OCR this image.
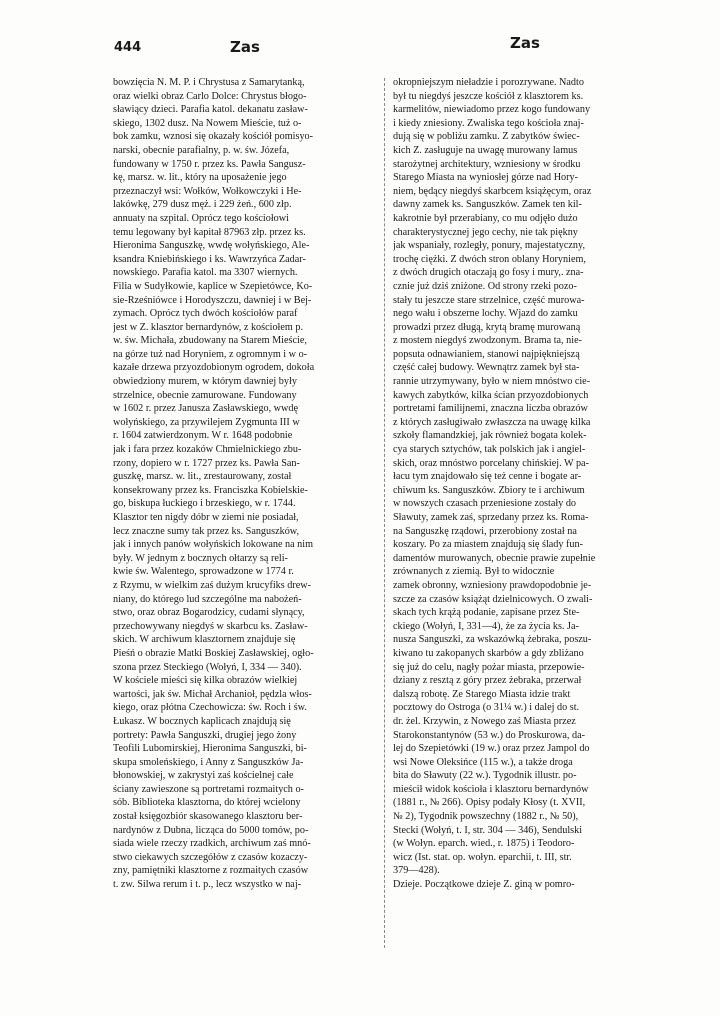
444	Zas	Zas
bowzięcia N. M. P. i Chrystusa z Samarytanką,
oraz wielki obraz Carlo Dolce: Chrystus błogo-
sławiący dzieci. Parafia katol. dekanatu zasław-
skiego, 1302 dusz. Na Nowem Mieście, tuż o-
bok zamku, wznosi się okazały kościół pomisyo-
narski, obecnie parafialny, p. w. św. Józefa,
fundowany w 1750 r. przez ks. Pawła Sangusz-
kę, marsz. w. lit., który na uposażenie jego
przeznaczył wsi: Wołków, Wołkowczyki i He-
lakówkę, 279 dusz męż. i 229 żeń., 600 złp.
annuaty na szpital. Oprócz tego kościołowi
temu legowany był kapitał 87963 złp. przez ks.
Hieronima Sanguszkę, wwdę wołyńskiego, Ale-
ksandra Kniebińskiego i ks. Wawrzyńca Zadar-
nowskiego. Parafia katol. ma 3307 wiernych.
Filia w Sudyłkowie, kaplice w Szepietówce, Ko-
sie-Rześniówce i Horodyszczu, dawniej i w Bej-
zymach. Oprócz tych dwóch kościołów paraf
jest w Z. klasztor bernardynów, z kościołem p.
w. św. Michała, zbudowany na Starem Mieście,
na górze tuż nad Horyniem, z ogromnym i w o-
kazałe drzewa przyozdobionym ogrodem, dokoła
obwiedziony murem, w którym dawniej były
strzelnice, obecnie zamurowane. Fundowany
w 1602 r. przez Janusza Zasławskiego, wwdę
wołyńskiego, za przywilejem Zygmunta III w
r. 1604 zatwierdzonym. W r. 1648 podobnie
jak i fara przez kozaków Chmielnickiego zbu-
rzony, dopiero w r. 1727 przez ks. Pawła San-
guszkę, marsz. w. lit., zrestaurowany, został
konsekrowany przez ks. Franciszka Kobielskie-
go, biskupa łuckiego i brzeskiego, w r. 1744.
Klasztor ten nigdy dóbr w ziemi nie posiadał,
lecz znaczne sumy tak przez ks. Sanguszków,
jak i innych panów wołyńskich lokowane na nim
były. W jednym z bocznych ołtarzy są reli-
kwie św. Walentego, sprowadzone w 1774 r.
z Rzymu, w wielkim zaś dużym krucyfiks drew-
niany, do którego lud szczególne ma nabożeń-
stwo, oraz obraz Bogarodzicy, cudami słynący,
przechowywany niegdyś w skarbcu ks. Zasław-
skich. W archiwum klasztornem znajduje się
Pieśń o obrazie Matki Boskiej Zasławskiej, ogło-
szona przez Steckiego (Wołyń, I, 334 — 340).
W kościele mieści się kilka obrazów wielkiej
wartości, jak św. Michał Archanioł, pędzla włos-
kiego, oraz płótna Czechowicza: św. Roch i św.
Łukasz. W bocznych kaplicach znajdują się
portrety: Pawła Sanguszki, drugiej jego żony
Teofili Lubomirskiej, Hieronima Sanguszki, bi-
skupa smoleńskiego, i Anny z Sanguszków Ja-
błonowskiej, w zakrystyi zaś kościelnej całe
ściany zawieszone są portretami rozmaitych o-
sób. Biblioteka klasztorna, do której wcielony
został księgozbiór skasowanego klasztoru ber-
nardynów z Dubna, licząca do 5000 tomów, po-
siada wiele rzeczy rzadkich, archiwum zaś mnó-
stwo ciekawych szczegółów z czasów kozaczy-
zny, pamiętniki klasztorne z rozmaitych czasów
t. zw. Silwa rerum i t. p., lecz wszystko w naj-
okropniejszym nieładzie i porozrywane. Nadto
był tu niegdyś jeszcze kościół z klasztorem ks.
karmelitów, niewiadomo przez kogo fundowany
i kiedy zniesiony. Zwaliska tego kościoła znaj-
dują się w pobliżu zamku. Z zabytków świec-
kich Z. zasługuje na uwagę murowany lamus
starożytnej architektury, wzniesiony w środku
Starego Miasta na wyniosłej górze nad Hory-
niem, będący niegdyś skarbcem książęcym, oraz
dawny zamek ks. Sanguszków. Zamek ten kil-
kakrotnie był przerabiany, co mu odjęło dużo
charakterystycznej jego cechy, nie tak piękny
jak wspaniały, rozległy, ponury, majestatyczny,
trochę ciężki. Z dwóch stron oblany Horyniem,
z dwóch drugich otaczają go fosy i mury,. zna-
cznie już dziś zniżone. Od strony rzeki pozo-
stały tu jeszcze stare strzelnice, część murowa-
nego wału i obszerne lochy. Wjazd do zamku
prowadzi przez długą, krytą bramę murowaną
z mostem niegdyś zwodzonym. Brama ta, nie-
popsuta odnawianiem, stanowi najpiękniejszą
część całej budowy. Wewnątrz zamek był sta-
rannie utrzymywany, było w niem mnóstwo cie-
kawych zabytków, kilka ścian przyozdobionych
portretami familijnemi, znaczna liczba obrazów
z których zasługiwało zwłaszcza na uwagę kilka
szkoły flamandzkiej, jak również bogata kolek-
cya starych sztychów, tak polskich jak i angiel-
skich, oraz mnóstwo porcelany chińskiej. W pa-
łacu tym znajdowało się też cenne i bogate ar-
chiwum ks. Sanguszków. Zbiory te i archiwum
w nowszych czasach przeniesione zostały do
Sławuty, zamek zaś, sprzedany przez ks. Roma-
na Sanguszkę rządowi, przerobiony został na
koszary. Po za miastem znajdują się ślady fun-
damentów murowanych, obecnie prawie zupełnie
zrównanych z ziemią. Był to widocznie
zamek obronny, wzniesiony prawdopodobnie je-
szcze za czasów książąt dzielnicowych. O zwali-
skach tych krążą podanie, zapisane przez Ste-
ckiego (Wołyń, I, 331—4), że za życia ks. Ja-
nusza Sanguszki, za wskazówką żebraka, poszu-
kiwano tu zakopanych skarbów a gdy zbliżano
się już do celu, nagły pożar miasta, przepowie-
dziany z resztą z góry przez żebraka, przerwał
dalszą robotę. Ze Starego Miasta idzie trakt
pocztowy do Ostroga (o 31¼ w.) i dalej do st.
dr. żel. Krzywin, z Nowego zaś Miasta przez
Starokonstantynów (53 w.) do Proskurowa, da-
lej do Szepietówki (19 w.) oraz przez Jampol do
wsi Nowe Oleksińce (115 w.), a także droga
bita do Sławuty (22 w.). Tygodnik illustr. po-
mieścił widok kościoła i klasztoru bernardynów
(1881 r., № 266). Opisy podały Kłosy (t. XVII,
№ 2), Tygodnik powszechny (1882 r., № 50),
Stecki (Wołyń, t. I, str. 304 — 346), Sendulski
(w Wołyn. eparch. wied., r. 1875) i Teodoro-
wicz (Ist. stat. op. wołyn. eparchii, t. III, str.
379—428).
Dzieje. Początkowe dzieje Z. giną w pomro-
